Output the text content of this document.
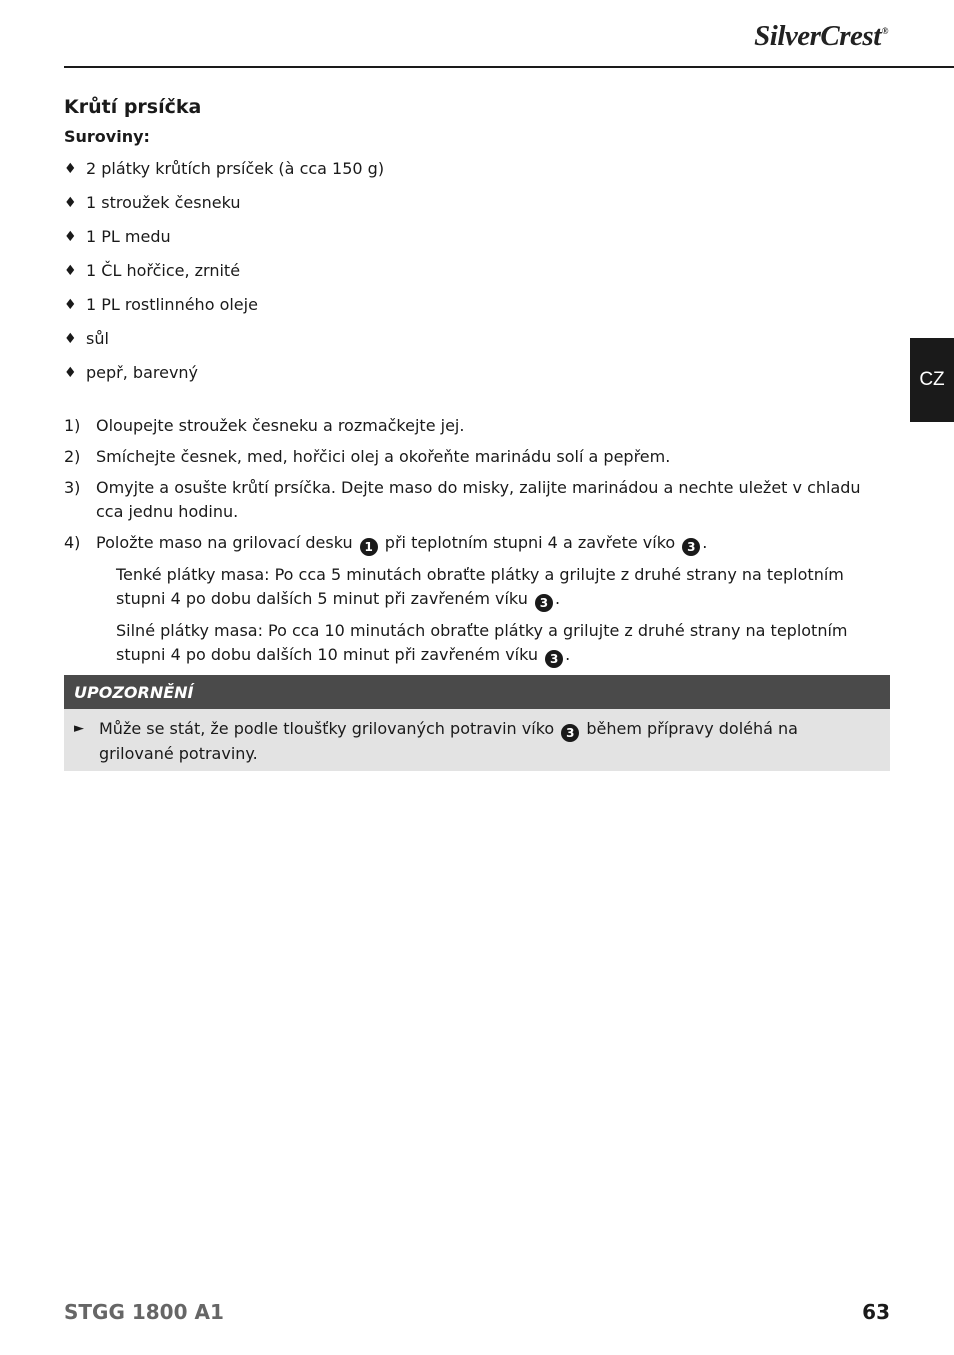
SilverCrest®
CZ
Krůtí prsíčka
Suroviny:
♦ 2 plátky krůtích prsíček (à cca 150 g)
♦ 1 stroužek česneku
♦ 1 PL medu
♦ 1 ČL hořčice, zrnité
♦ 1 PL rostlinného oleje
♦ sůl
♦ pepř, barevný
1) Oloupejte stroužek česneku a rozmačkejte jej.
2) Smíchejte česnek, med, hořčici olej a okořeňte marinádu solí a pepřem.
3) Omyjte a osušte krůtí prsíčka. Dejte maso do misky, zalijte marinádou a nechte uležet v chladu cca jednu hodinu.
4) Položte maso na grilovací desku 1 při teplotním stupni 4 a zavřete víko 3 .

Tenké plátky masa: Po cca 5 minutách obraťte plátky a grilujte z druhé strany na teplotním stupni 4 po dobu dalších 5 minut při zavřeném víku 3 .

Silné plátky masa: Po cca 10 minutách obraťte plátky a grilujte z druhé strany na teplotním stupni 4 po dobu dalších 10 minut při zavřeném víku 3 .

UPOZORNĚNÍ
► Může se stát, že podle tloušťky grilovaných potravin víko 3 během přípravy doléhá na grilované potraviny.
STGG 1800 A1	63
